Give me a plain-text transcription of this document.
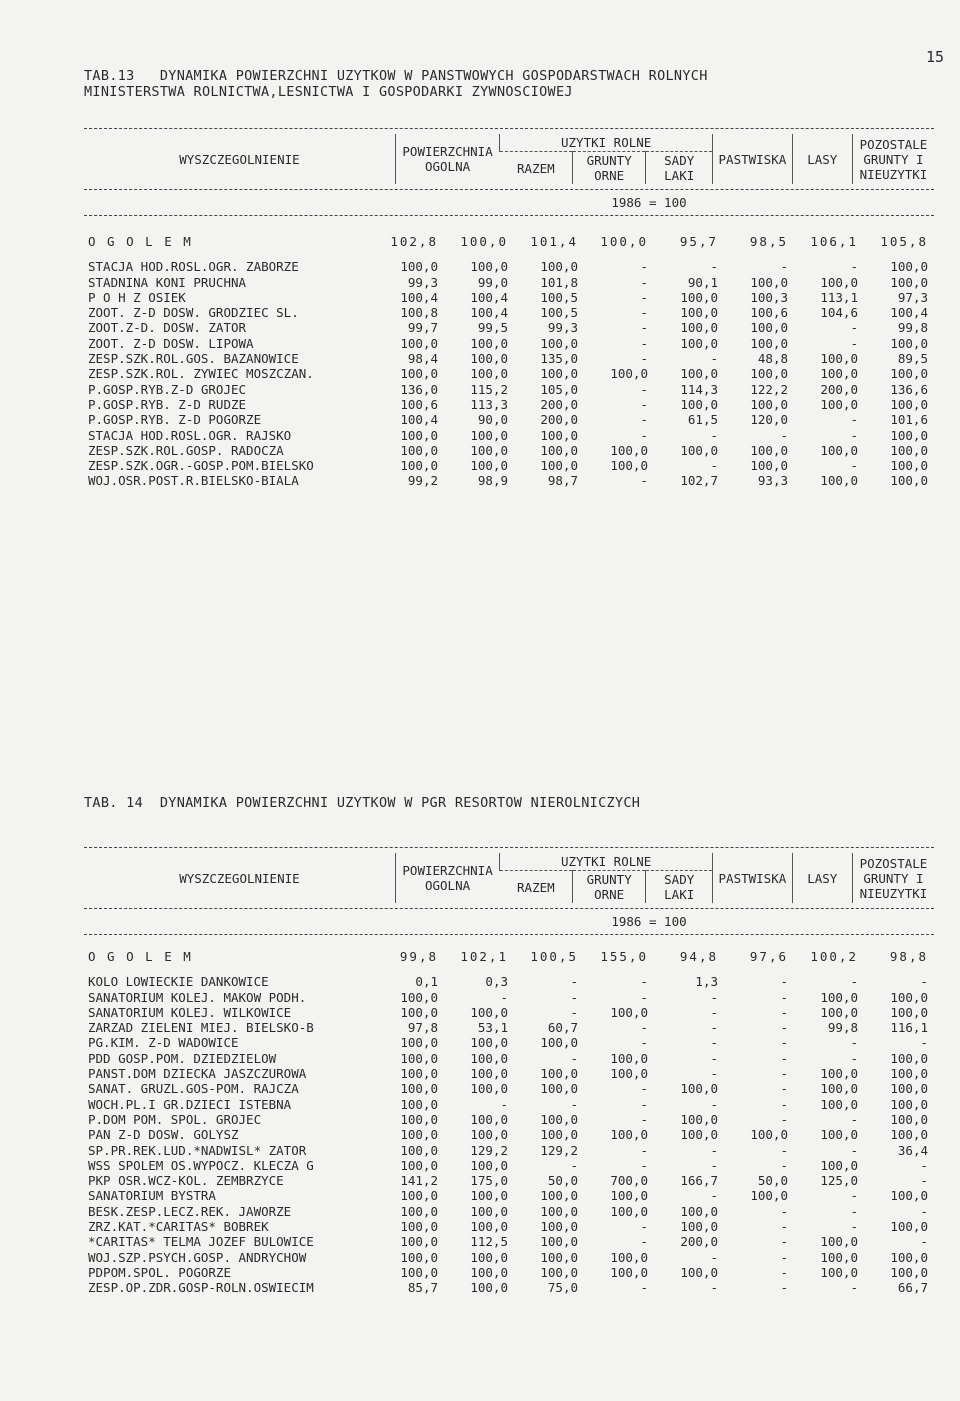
15
TAB.13   DYNAMIKA POWIERZCHNI UZYTKOW W PANSTWOWYCH GOSPODARSTWACH ROLNYCH
MINISTERSTWA ROLNICTWA,LESNICTWA I GOSPODARKI ZYWNOSCIOWEJ
WYSZCZEGOLNIENIE	POWIERZCHNIA OGOLNA	UZYTKI ROLNE			PASTWISKA	LASY	POZOSTALE GRUNTY I NIEUZYTKI
		RAZEM	GRUNTY ORNE	SADY LAKI			
1986 = 100
O G O L E M	102,8	100,0	101,4	100,0	95,7	98,5	106,1	105,8

STACJA HOD.ROSL.OGR. ZABORZE	100,0	100,0	100,0	-	-	-	-	100,0
STADNINA KONI PRUCHNA	99,3	99,0	101,8	-	90,1	100,0	100,0	100,0
P O H Z OSIEK	100,4	100,4	100,5	-	100,0	100,3	113,1	97,3
ZOOT. Z-D DOSW. GRODZIEC SL.	100,8	100,4	100,5	-	100,0	100,6	104,6	100,4
ZOOT.Z-D. DOSW. ZATOR	99,7	99,5	99,3	-	100,0	100,0	-	99,8
ZOOT. Z-D DOSW. LIPOWA	100,0	100,0	100,0	-	100,0	100,0	-	100,0
ZESP.SZK.ROL.GOS. BAZANOWICE	98,4	100,0	135,0	-	-	48,8	100,0	89,5
ZESP.SZK.ROL. ZYWIEC MOSZCZAN.	100,0	100,0	100,0	100,0	100,0	100,0	100,0	100,0
P.GOSP.RYB.Z-D GROJEC	136,0	115,2	105,0	-	114,3	122,2	200,0	136,6
P.GOSP.RYB. Z-D RUDZE	100,6	113,3	200,0	-	100,0	100,0	100,0	100,0
P.GOSP.RYB. Z-D POGORZE	100,4	90,0	200,0	-	61,5	120,0	-	101,6
STACJA HOD.ROSL.OGR. RAJSKO	100,0	100,0	100,0	-	-	-	-	100,0
ZESP.SZK.ROL.GOSP. RADOCZA	100,0	100,0	100,0	100,0	100,0	100,0	100,0	100,0
ZESP.SZK.OGR.-GOSP.POM.BIELSKO	100,0	100,0	100,0	100,0	-	100,0	-	100,0
WOJ.OSR.POST.R.BIELSKO-BIALA	99,2	98,9	98,7	-	102,7	93,3	100,0	100,0
TAB. 14  DYNAMIKA POWIERZCHNI UZYTKOW W PGR RESORTOW NIEROLNICZYCH
WYSZCZEGOLNIENIE	POWIERZCHNIA OGOLNA	UZYTKI ROLNE			PASTWISKA	LASY	POZOSTALE GRUNTY I NIEUZYTKI
		RAZEM	GRUNTY ORNE	SADY LAKI			
1986 = 100
O G O L E M	99,8	102,1	100,5	155,0	94,8	97,6	100,2	98,8

KOLO LOWIECKIE DANKOWICE	0,1	0,3	-	-	1,3	-	-	-
SANATORIUM KOLEJ. MAKOW PODH.	100,0	-	-	-	-	-	100,0	100,0
SANATORIUM KOLEJ. WILKOWICE	100,0	100,0	-	100,0	-	-	100,0	100,0
ZARZAD ZIELENI MIEJ. BIELSKO-B	97,8	53,1	60,7	-	-	-	99,8	116,1
PG.KIM. Z-D WADOWICE	100,0	100,0	100,0	-	-	-	-	-
PDD GOSP.POM. DZIEDZIELOW	100,0	100,0	-	100,0	-	-	-	100,0
PANST.DOM DZIECKA JASZCZUROWA	100,0	100,0	100,0	100,0	-	-	100,0	100,0
SANAT. GRUZL.GOS-POM. RAJCZA	100,0	100,0	100,0	-	100,0	-	100,0	100,0
WOCH.PL.I GR.DZIECI ISTEBNA	100,0	-	-	-	-	-	100,0	100,0
P.DOM POM. SPOL. GROJEC	100,0	100,0	100,0	-	100,0	-	-	100,0
PAN Z-D DOSW. GOLYSZ	100,0	100,0	100,0	100,0	100,0	100,0	100,0	100,0
SP.PR.REK.LUD.*NADWISL* ZATOR	100,0	129,2	129,2	-	-	-	-	36,4
WSS SPOLEM OS.WYPOCZ. KLECZA G	100,0	100,0	-	-	-	-	100,0	-
PKP OSR.WCZ-KOL. ZEMBRZYCE	141,2	175,0	50,0	700,0	166,7	50,0	125,0	-
SANATORIUM BYSTRA	100,0	100,0	100,0	100,0	-	100,0	-	100,0
BESK.ZESP.LECZ.REK. JAWORZE	100,0	100,0	100,0	100,0	100,0	-	-	-
ZRZ.KAT.*CARITAS* BOBREK	100,0	100,0	100,0	-	100,0	-	-	100,0
*CARITAS* TELMA JOZEF BULOWICE	100,0	112,5	100,0	-	200,0	-	100,0	-
WOJ.SZP.PSYCH.GOSP. ANDRYCHOW	100,0	100,0	100,0	100,0	-	-	100,0	100,0
PDPOM.SPOL. POGORZE	100,0	100,0	100,0	100,0	100,0	-	100,0	100,0
ZESP.OP.ZDR.GOSP-ROLN.OSWIECIM	85,7	100,0	75,0	-	-	-	-	66,7
